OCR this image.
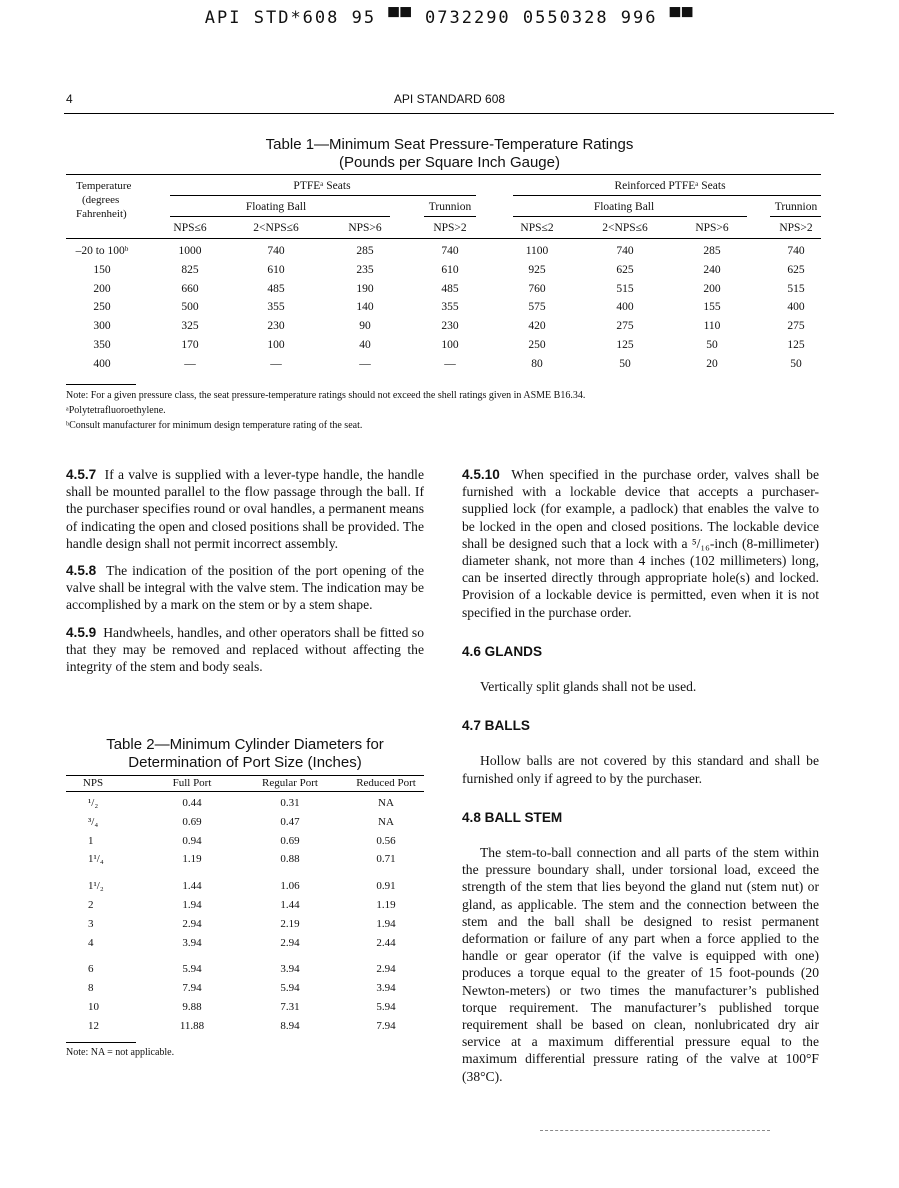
API STD*608 95 ▀▀ 0732290 0550328 996 ▀▀
4	API STANDARD 608
Table 1—Minimum Seat Pressure-Temperature Ratings
(Pounds per Square Inch Gauge)
Temperature
(degrees
Fahrenheit)
PTFEᵃ Seats	Reinforced PTFEᵃ Seats
Floating Ball	Trunnion	Floating Ball	Trunnion
NPS≤6	2<NPS≤6	NPS>6	NPS>2	NPS≤2	2<NPS≤6	NPS>6	NPS>2
–20 to 100ᵇ	1000	740	285	740	1100	740	285	740
150	825	610	235	610	925	625	240	625
200	660	485	190	485	760	515	200	515
250	500	355	140	355	575	400	155	400
300	325	230	90	230	420	275	110	275
350	170	100	40	100	250	125	50	125
400	—	—	—	—	80	50	20	50
Note: For a given pressure class, the seat pressure-temperature ratings should not exceed the shell ratings given in ASME B16.34.
ᵃPolytetrafluoroethylene.
ᵇConsult manufacturer for minimum design temperature rating of the seat.

4.5.7 If a valve is supplied with a lever-type handle, the handle shall be mounted parallel to the flow passage through the ball. If the purchaser specifies round or oval handles, a permanent means of indicating the open and closed positions shall be provided. The handle design shall not permit incorrect assembly.

4.5.8 The indication of the position of the port opening of the valve shall be integral with the valve stem. The indication may be accomplished by a mark on the stem or by a stem shape.

4.5.9 Handwheels, handles, and other operators shall be fitted so that they may be removed and replaced without affecting the integrity of the stem and body seals.

Table 2—Minimum Cylinder Diameters for
Determination of Port Size (Inches)
NPS	Full Port	Regular Port	Reduced Port
¹/₂	0.44	0.31	NA
³/₄	0.69	0.47	NA
1	0.94	0.69	0.56
1¹/₄	1.19	0.88	0.71
1¹/₂	1.44	1.06	0.91
2	1.94	1.44	1.19
3	2.94	2.19	1.94
4	3.94	2.94	2.44
6	5.94	3.94	2.94
8	7.94	5.94	3.94
10	9.88	7.31	5.94
12	11.88	8.94	7.94
Note: NA = not applicable.

4.5.10 When specified in the purchase order, valves shall be furnished with a lockable device that accepts a purchaser-supplied lock (for example, a padlock) that enables the valve to be locked in the open and closed positions. The lockable device shall be designed such that a lock with a ⁵/₁₆-inch (8-millimeter) diameter shank, not more than 4 inches (102 millimeters) long, can be inserted directly through appropriate hole(s) and locked. Provision of a lockable device is permitted, even when it is not specified in the purchase order.

4.6 GLANDS

Vertically split glands shall not be used.

4.7 BALLS

Hollow balls are not covered by this standard and shall be furnished only if agreed to by the purchaser.

4.8 BALL STEM

The stem-to-ball connection and all parts of the stem within the pressure boundary shall, under torsional load, exceed the strength of the stem that lies beyond the gland nut (stem nut) or gland, as applicable. The stem and the connection between the stem and the ball shall be designed to resist permanent deformation or failure of any part when a force applied to the handle or gear operator (if the valve is equipped with one) produces a torque equal to the greater of 15 foot-pounds (20 Newton-meters) or two times the manufacturer’s published torque requirement. The manufacturer’s published torque requirement shall be based on clean, nonlubricated dry air service at a maximum differential pressure equal to the maximum differential pressure rating of the valve at 100°F (38°C).
